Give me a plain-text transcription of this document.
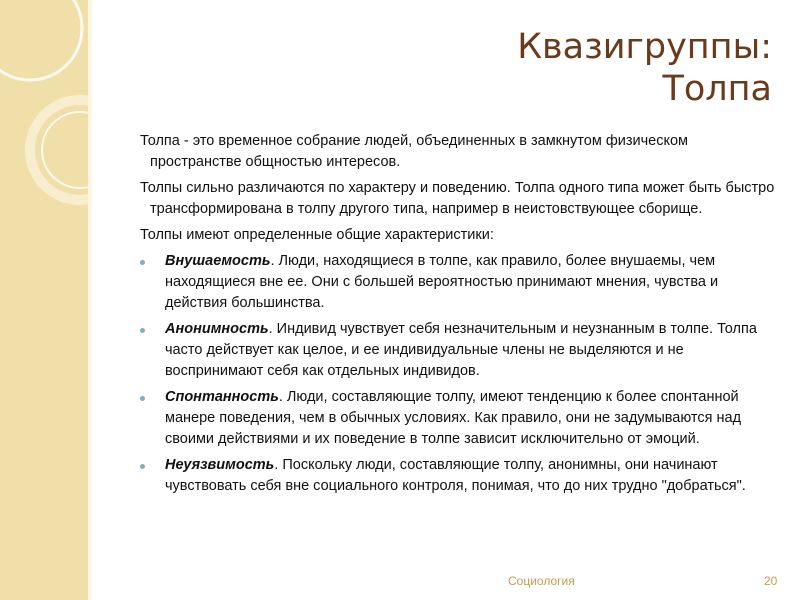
Квазигруппы:
Толпа
Толпа - это временное собрание людей, объединенных в замкнутом физическом пространстве общностью интересов.
Толпы сильно различаются по характеру и поведению. Толпа одного типа может быть быстро трансформирована в толпу другого типа, например в неистовствующее сборище.
Толпы имеют определенные общие характеристики:
Внушаемость. Люди, находящиеся в толпе, как правило, более внушаемы, чем находящиеся вне ее. Они с большей вероятностью принимают мнения, чувства и действия большинства.
Анонимность. Индивид чувствует себя незначительным и неузнанным в толпе. Толпа часто действует как целое, и ее индивидуальные члены не выделяются и не воспринимают себя как отдельных индивидов.
Спонтанность. Люди, составляющие толпу, имеют тенденцию к более спонтанной манере поведения, чем в обычных условиях. Как правило, они не задумываются над своими действиями и их поведение в толпе зависит исключительно от эмоций.
Неуязвимость. Поскольку люди, составляющие толпу, анонимны, они начинают чувствовать себя вне социального контроля, понимая, что до них трудно "добраться".
Социология	20
